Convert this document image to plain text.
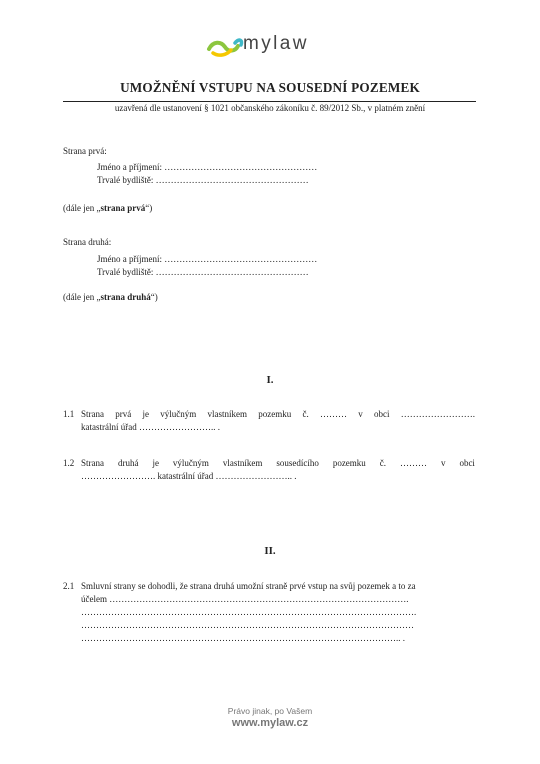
mylaw
UMOŽNĚNÍ VSTUPU NA SOUSEDNÍ POZEMEK
uzavřená dle ustanovení § 1021 občanského zákoníku č. 89/2012 Sb., v platném znění
Strana prvá:
Jméno a příjmení: ……………………………………………
Trvalé bydliště: ……………………………………………
(dále jen „strana prvá“)
Strana druhá:
Jméno a příjmení: ……………………………………………
Trvalé bydliště: ……………………………………………
(dále jen „strana druhá“)
I.
1.1 Strana prvá je výlučným vlastníkem pozemku č. ……… v obci …………………….
katastrální úřad …………………….. .
1.2 Strana druhá je výlučným vlastníkem sousedícího pozemku č. ……… v obci
……………………. katastrální úřad …………………….. .
II.
2.1 Smluvní strany se dohodli, že strana druhá umožní straně prvé vstup na svůj pozemek a to za
účelem ……………………………………………………………………………………….
………………………………………………………………………………………………….
…………………………………………………………………………………………………
…………………………………………………………………………………………….. .
Právo jinak, po Vašem
www.mylaw.cz
